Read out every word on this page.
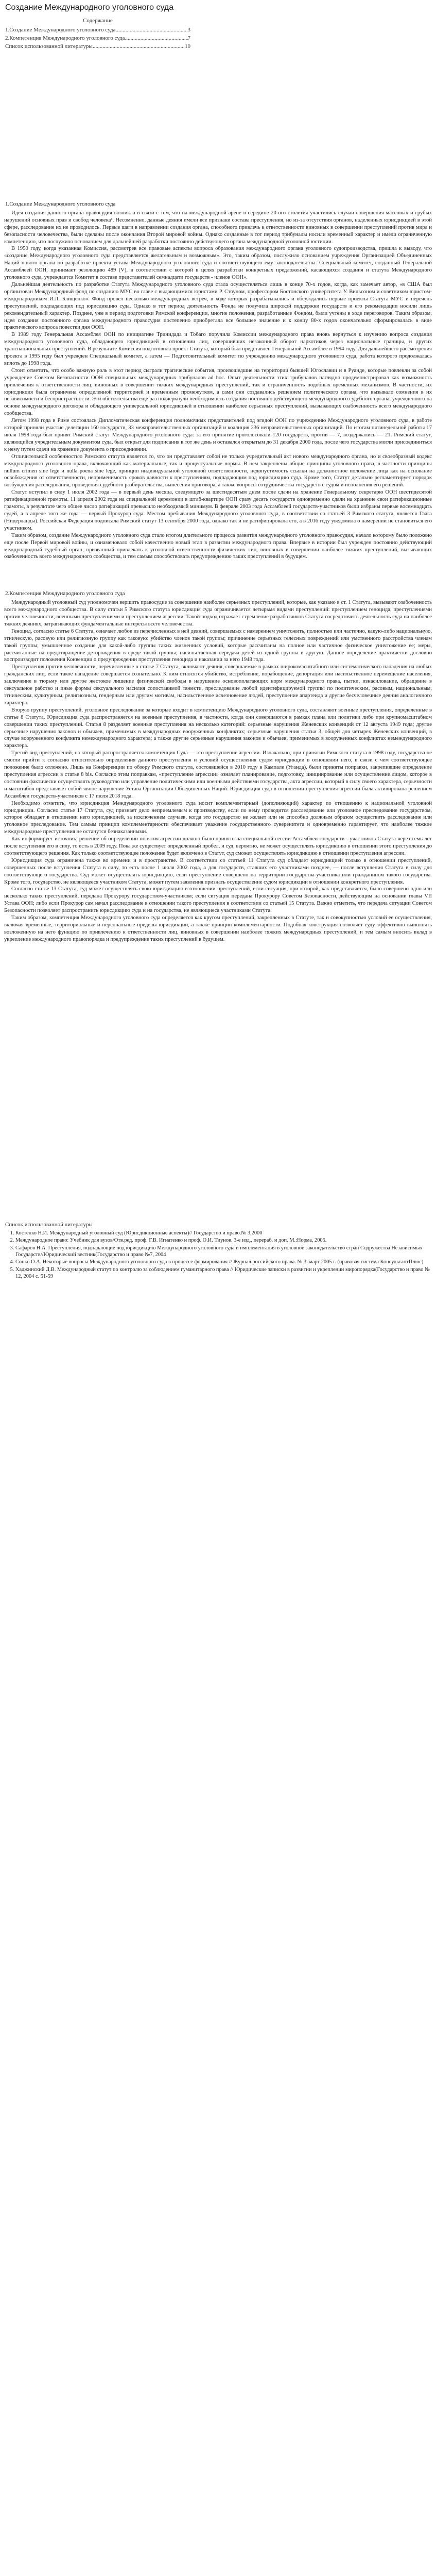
Создание Международного уголовного суда
Содержание
1.Создание Международного уголовного суда .....	3
2.Компетенция Международного уголовного суда .....	7
Список использованной литературы .....	10
1.Создание Международного уголовного суда

Идея создания данного органа правосудия возникла в связи с тем, что на международной арене в середине 20-ого столетия участились случаи совершения массовых и грубых нарушений основных прав и свобод человека¹. Несомненно, данные деяния имели все признаки состава преступления, но из-за отсутствия органов, наделенных юрисдикцией в этой сфере, расследование их не проводилось. Первые шаги в направлении создания органа, способного привлечь к ответственности виновных в совершении преступлений против мира и безопасности человечества, были сделаны после окончания Второй мировой войны. Однако созданные в тот период трибуналы носили временный характер и имели ограниченную компетенцию, что послужило основанием для дальнейшей разработки постоянно действующего органа международной уголовной юстиции.

В 1950 году, когда указанная Комиссия, рассмотрев все правовые аспекты вопроса образования международного органа уголовного судопроизводства, пришла к выводу, что «создание Международного уголовного суда представляется желательным и возможным». Это, таким образом, послужило основанием учреждения Организацией Объединенных Наций нового органа по разработке проекта устава Международного уголовного суда и соответствующего ему законодательства. Специальный комитет, созданный Генеральной Ассамблеей ООН, принимает резолюцию 489 (V), в соответствии с которой в целях разработки конкретных предложений, касающихся создания и статута Международного уголовного суда, учреждается Комитет в составе представителей семнадцати государств - членов ООН».

Дальнейшая деятельность по разработке Статута Международного уголовного суда стала осуществляться лишь в конце 70-х годов, когда, как замечает автор, «в США был организован Международный фонд по созданию МУС во главе с выдающимися юристами Р. Стоуном, профессором Бостонского университета У. Вильсоном и советником юристом-международником И.Л. Блищенко». Фонд провел несколько международных встреч, в ходе которых разрабатывались и обсуждались первые проекты Статута МУС и перечень преступлений, подпадающих под юрисдикцию суда. Однако в тот период деятельность Фонда не получила широкой поддержки государств и его рекомендации носили лишь рекомендательный характер. Позднее, уже в период подготовки Римской конференции, многие положения, разработанные Фондом, были учтены в ходе переговоров. Таким образом, идея создания постоянного органа международного правосудия постепенно приобретала все большее значение и к концу 80-х годов окончательно сформировалась в виде практического вопроса повестки дня ООН.

В 1989 году Генеральная Ассамблея ООН по инициативе Тринидада и Тобаго поручила Комиссии международного права вновь вернуться к изучению вопроса создания международного уголовного суда, обладающего юрисдикцией в отношении лиц, совершивших незаконный оборот наркотиков через национальные границы, и других транснациональных преступлений. В результате Комиссия подготовила проект Статута, который был представлен Генеральной Ассамблее в 1994 году. Для дальнейшего рассмотрения проекта в 1995 году был учрежден Специальный комитет, а затем — Подготовительный комитет по учреждению международного уголовного суда, работа которого продолжалась вплоть до 1998 года.

Стоит отметить, что особо важную роль в этот период сыграли трагические события, произошедшие на территории бывшей Югославии и в Руанде, которые повлекли за собой учреждение Советом Безопасности ООН специальных международных трибуналов ad hoc. Опыт деятельности этих трибуналов наглядно продемонстрировал как возможность привлечения к ответственности лиц, виновных в совершении тяжких международных преступлений, так и ограниченность подобных временных механизмов. В частности, их юрисдикция была ограничена определенной территорией и временным промежутком, а сами они создавались решением политического органа, что вызывало сомнения в их независимости и беспристрастности. Эти обстоятельства еще раз подчеркнули необходимость создания постоянно действующего международного судебного органа, учрежденного на основе международного договора и обладающего универсальной юрисдикцией в отношении наиболее серьезных преступлений, вызывающих озабоченность всего международного сообщества.

Летом 1998 года в Риме состоялась Дипломатическая конференция полномочных представителей под эгидой ООН по учреждению Международного уголовного суда, в работе которой приняли участие делегации 160 государств, 33 межправительственных организаций и коалиция 236 неправительственных организаций. По итогам пятинедельной работы 17 июля 1998 года был принят Римский статут Международного уголовного суда: за его принятие проголосовали 120 государств, против — 7, воздержались — 21. Римский статут, являющийся учредительным документом суда, был открыт для подписания в тот же день и оставался открытым до 31 декабря 2000 года, после чего государства могли присоединиться к нему путем сдачи на хранение документа о присоединении.

Отличительной особенностью Римского статута является то, что он представляет собой не только учредительный акт нового международного органа, но и своеобразный кодекс международного уголовного права, включающий как материальные, так и процессуальные нормы. В нем закреплены общие принципы уголовного права, в частности принципы nullum crimen sine lege и nulla poena sine lege, принцип индивидуальной уголовной ответственности, недопустимость ссылки на должностное положение лица как на основание освобождения от ответственности, неприменимость сроков давности к преступлениям, подпадающим под юрисдикцию суда. Кроме того, Статут детально регламентирует порядок возбуждения расследования, проведения судебного разбирательства, вынесения приговора, а также вопросы сотрудничества государств с судом и исполнения его решений.

Статут вступил в силу 1 июля 2002 года — в первый день месяца, следующего за шестидесятым днем после сдачи на хранение Генеральному секретарю ООН шестидесятой ратификационной грамоты. 11 апреля 2002 года на специальной церемонии в штаб-квартире ООН сразу десять государств одновременно сдали на хранение свои ратификационные грамоты, в результате чего общее число ратификаций превысило необходимый минимум. В феврале 2003 года Ассамблеей государств-участников были избраны первые восемнадцать судей, а в апреле того же года — первый Прокурор суда. Местом пребывания Международного уголовного суда, в соответствии со статьей 3 Римского статута, является Гаага (Нидерланды). Российская Федерация подписала Римский статут 13 сентября 2000 года, однако так и не ратифицировала его, а в 2016 году уведомила о намерении не становиться его участником.

Таким образом, создание Международного уголовного суда стало итогом длительного процесса развития международного уголовного правосудия, начало которому было положено еще после Первой мировой войны, и ознаменовало собой качественно новый этап в развитии международного права. Впервые в истории был учрежден постоянно действующий международный судебный орган, призванный привлекать к уголовной ответственности физических лиц, виновных в совершении наиболее тяжких преступлений, вызывающих озабоченность всего международного сообщества, и тем самым способствовать предупреждению таких преступлений в будущем.

2.Компетенция Международного уголовного суда

Международный уголовный суд уполномочен вершить правосудие за совершение наиболее серьезных преступлений, которые, как указано в ст. 1 Статута, вызывают озабоченность всего международного сообщества. В силу статьи 5 Римского статута юрисдикция суда ограничивается четырьмя видами преступлений: преступлением геноцида, преступлениями против человечности, военными преступлениями и преступлением агрессии. Такой подход отражает стремление разработчиков Статута сосредоточить деятельность суда на наиболее тяжких деяниях, затрагивающих фундаментальные интересы всего человечества.

Геноцид, согласно статье 6 Статута, означает любое из перечисленных в ней деяний, совершаемых с намерением уничтожить, полностью или частично, какую-либо национальную, этническую, расовую или религиозную группу как таковую: убийство членов такой группы; причинение серьезных телесных повреждений или умственного расстройства членам такой группы; умышленное создание для какой-либо группы таких жизненных условий, которые рассчитаны на полное или частичное физическое уничтожение ее; меры, рассчитанные на предотвращение деторождения в среде такой группы; насильственная передача детей из одной группы в другую. Данное определение практически дословно воспроизводит положения Конвенции о предупреждении преступления геноцида и наказании за него 1948 года.

Преступления против человечности, перечисленные в статье 7 Статута, включают деяния, совершаемые в рамках широкомасштабного или систематического нападения на любых гражданских лиц, если такое нападение совершается сознательно. К ним относятся убийство, истребление, порабощение, депортация или насильственное перемещение населения, заключение в тюрьму или другое жестокое лишение физической свободы в нарушение основополагающих норм международного права, пытки, изнасилование, обращение в сексуальное рабство и иные формы сексуального насилия сопоставимой тяжести, преследование любой идентифицируемой группы по политическим, расовым, национальным, этническим, культурным, религиозным, гендерным или другим мотивам, насильственное исчезновение людей, преступление апартеида и другие бесчеловечные деяния аналогичного характера.

Вторую группу преступлений, уголовное преследование за которые входит в компетенцию Международного уголовного суда, составляют военные преступления, определенные в статье 8 Статута. Юрисдикция суда распространяется на военные преступления, в частности, когда они совершаются в рамках плана или политики либо при крупномасштабном совершении таких преступлений. Статья 8 разделяет военные преступления на несколько категорий: серьезные нарушения Женевских конвенций от 12 августа 1949 года; другие серьезные нарушения законов и обычаев, применимых в международных вооруженных конфликтах; серьезные нарушения статьи 3, общей для четырех Женевских конвенций, в случае вооруженного конфликта немеждународного характера; а также другие серьезные нарушения законов и обычаев, применимых в вооруженных конфликтах немеждународного характера.

Третий вид преступлений, на который распространяется компетенция Суда — это преступление агрессии. Изначально, при принятии Римского статута в 1998 году, государства не смогли прийти к согласию относительно определения данного преступления и условий осуществления судом юрисдикции в отношении него, в связи с чем соответствующее положение было отложено. Лишь на Конференции по обзору Римского статута, состоявшейся в 2010 году в Кампале (Уганда), были приняты поправки, закрепившие определение преступления агрессии в статье 8 bis. Согласно этим поправкам, «преступление агрессии» означает планирование, подготовку, инициирование или осуществление лицом, которое в состоянии фактически осуществлять руководство или управление политическими или военными действиями государства, акта агрессии, который в силу своего характера, серьезности и масштабов представляет собой явное нарушение Устава Организации Объединенных Наций. Юрисдикция суда в отношении преступления агрессии была активирована решением Ассамблеи государств-участников с 17 июля 2018 года.

Необходимо отметить, что юрисдикция Международного уголовного суда носит комплементарный (дополняющий) характер по отношению к национальной уголовной юрисдикции. Согласно статье 17 Статута, суд признает дело неприемлемым к производству, если по нему проводится расследование или уголовное преследование государством, которое обладает в отношении него юрисдикцией, за исключением случаев, когда это государство не желает или не способно должным образом осуществить расследование или уголовное преследование. Тем самым принцип комплементарности обеспечивает уважение государственного суверенитета и одновременно гарантирует, что наиболее тяжкие международные преступления не останутся безнаказанными.

Как информирует источник, решение об определении понятия агрессии должно было принято на специальной сессии Ассамблеи государств - участников Статута через семь лет после вступления его в силу, то есть в 2009 году. Пока же существует определенный пробел, и суд, вероятно, не может осуществлять юрисдикцию в отношении этого преступления до соответствующего решения. Как только соответствующее положение будет включено в Статут, суд сможет осуществлять юрисдикцию в отношении преступления агрессии.

Юрисдикция суда ограничена также во времени и в пространстве. В соответствии со статьей 11 Статута суд обладает юрисдикцией только в отношении преступлений, совершенных после вступления Статута в силу, то есть после 1 июля 2002 года, а для государств, ставших его участниками позднее, — после вступления Статута в силу для соответствующего государства. Суд может осуществлять юрисдикцию, если преступление совершено на территории государства-участника или гражданином такого государства. Кроме того, государство, не являющееся участником Статута, может путем заявления признать осуществление судом юрисдикции в отношении конкретного преступления.

Согласно статье 13 Статута, суд может осуществлять свою юрисдикцию в отношении преступлений, если ситуация, при которой, как представляется, было совершено одно или несколько таких преступлений, передана Прокурору государством-участником; если ситуация передана Прокурору Советом Безопасности, действующим на основании главы VII Устава ООН; либо если Прокурор сам начал расследование в отношении такого преступления в соответствии со статьей 15 Статута. Важно отметить, что передача ситуации Советом Безопасности позволяет распространить юрисдикцию суда и на государства, не являющиеся участниками Статута.

Таким образом, компетенция Международного уголовного суда определяется как кругом преступлений, закрепленных в Статуте, так и совокупностью условий ее осуществления, включая временные, территориальные и персональные пределы юрисдикции, а также принцип комплементарности. Подобная конструкция позволяет суду эффективно выполнять возложенную на него функцию по привлечению к ответственности лиц, виновных в совершении наиболее тяжких международных преступлений, и тем самым вносить вклад в укрепление международного правопорядка и предупреждение таких преступлений в будущем.

Список использованной литературы
1. Костенко Н.И. Международный уголовный суд (Юрисдикционные аспекты)// Государство и право.№ 3,2000
2. Международное право: Учебник для вузов/Отв.ред. проф. Г.В. Игнатенко и проф. О.И. Тиунов. 3-е изд., перераб. и доп. М.:Норма, 2005.
3. Сафаров Н.А. Преступления, подпадающие под юрисдикцию Международного уголовного суда и имплементация в уголовное законодательство стран Содружества Независимых Государств//Юридический вестник(Государство и право №7, 2004
4. Сонко О.А. Некоторые вопросы Международного уголовного суда в процессе формирования // Журнал российского права. № 3. март 2005 г. (правовая система КонсультантПлюс)
5. Хаджинский Д.В. Международный статут по контролю за соблюдением гуманитарного права // Юридические записки в развитии и укреплении миропорядка(Государство и право № 12, 2004 с. 51-59
